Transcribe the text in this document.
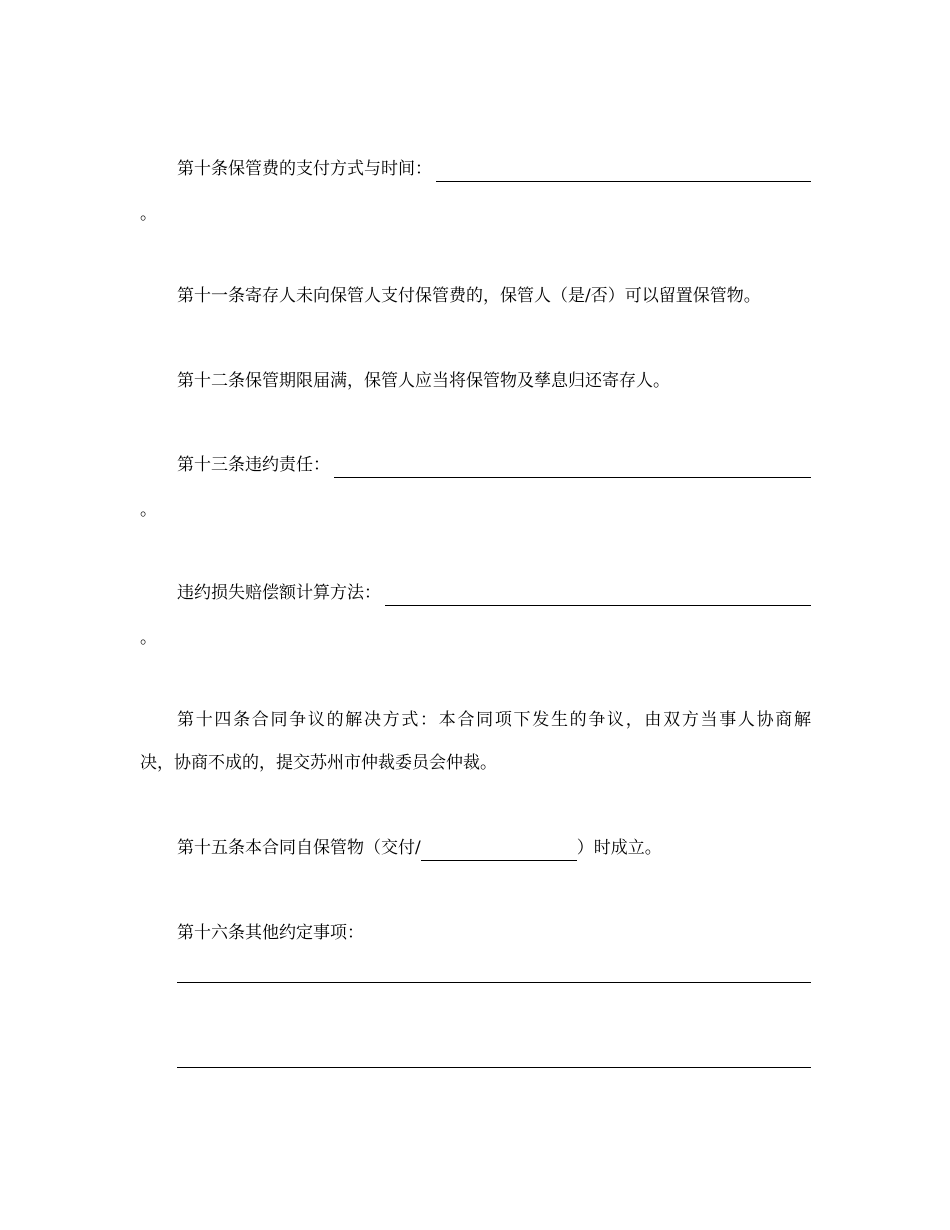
第十条保管费的支付方式与时间：
。
第十一条寄存人未向保管人支付保管费的，保管人（是/否）可以留置保管物。
第十二条保管期限届满，保管人应当将保管物及孳息归还寄存人。
第十三条违约责任：
。
违约损失赔偿额计算方法：
。
第十四条合同争议的解决方式：本合同项下发生的争议，由双方当事人协商解
决，协商不成的，提交苏州市仲裁委员会仲裁。
第十五条本合同自保管物（交付/	）时成立。
第十六条其他约定事项：
